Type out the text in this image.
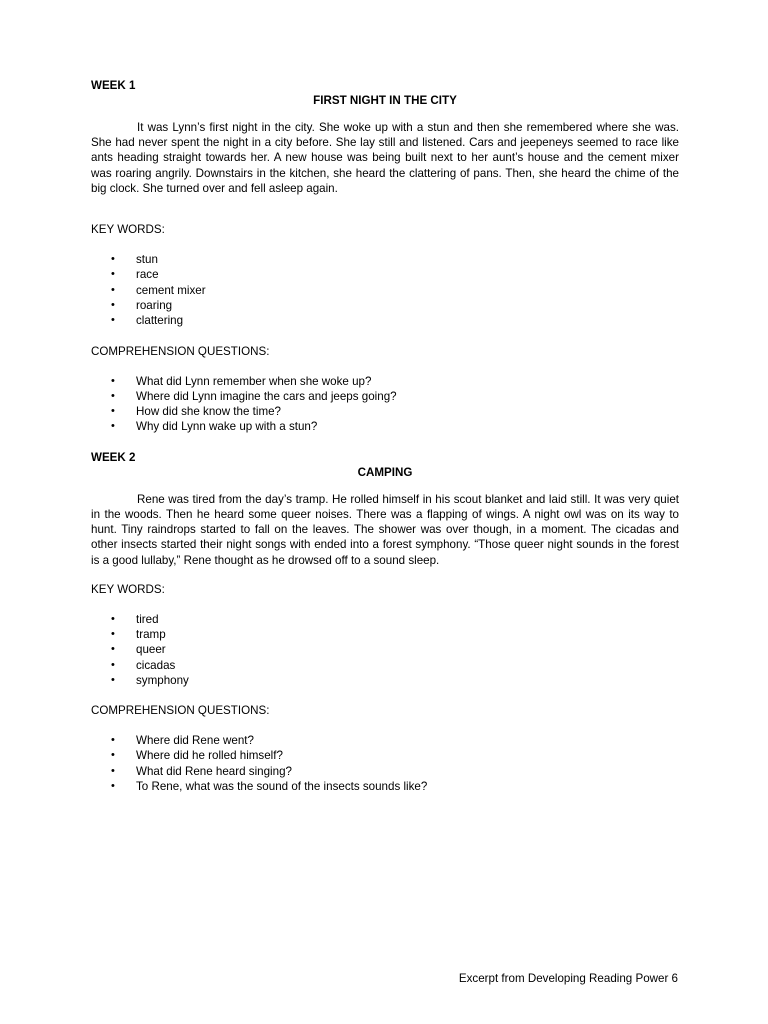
WEEK 1
FIRST NIGHT IN THE CITY

It was Lynn’s first night in the city. She woke up with a stun and then she remembered where she was. She had never spent the night in a city before. She lay still and listened. Cars and jeepeneys seemed to race like ants heading straight towards her. A new house was being built next to her aunt’s house and the cement mixer was roaring angrily. Downstairs in the kitchen, she heard the clattering of pans. Then, she heard the chime of the big clock. She turned over and fell asleep again.

KEY WORDS:
• stun
• race
• cement mixer
• roaring
• clattering
COMPREHENSION QUESTIONS:
• What did Lynn remember when she woke up?
• Where did Lynn imagine the cars and jeeps going?
• How did she know the time?
• Why did Lynn wake up with a stun?
WEEK 2
CAMPING

Rene was tired from the day’s tramp. He rolled himself in his scout blanket and laid still. It was very quiet in the woods. Then he heard some queer noises. There was a flapping of wings. A night owl was on its way to hunt. Tiny raindrops started to fall on the leaves. The shower was over though, in a moment. The cicadas and other insects started their night songs with ended into a forest symphony. “Those queer night sounds in the forest is a good lullaby,” Rene thought as he drowsed off to a sound sleep.

KEY WORDS:
• tired
• tramp
• queer
• cicadas
• symphony
COMPREHENSION QUESTIONS:
• Where did Rene went?
• Where did he rolled himself?
• What did Rene heard singing?
• To Rene, what was the sound of the insects sounds like?
Excerpt from Developing Reading Power 6
